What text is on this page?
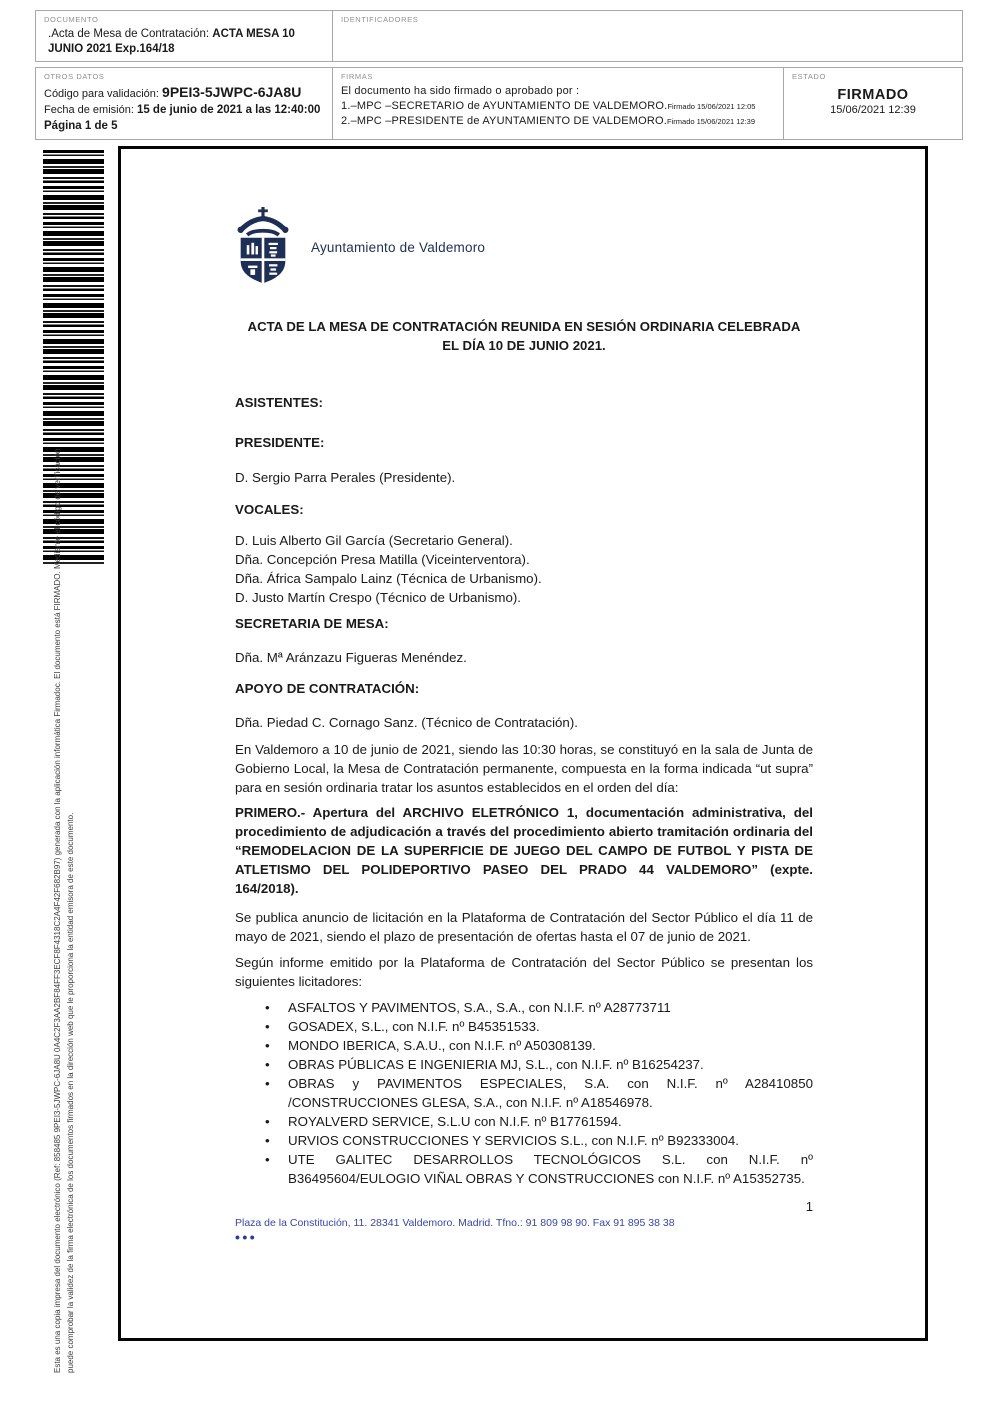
DOCUMENTO
.Acta de Mesa de Contratación: ACTA MESA 10 JUNIO 2021 Exp.164/18
IDENTIFICADORES
OTROS DATOS
Código para validación: 9PEI3-5JWPC-6JA8U
Fecha de emisión: 15 de junio de 2021 a las 12:40:00
Página 1 de 5
FIRMAS
El documento ha sido firmado o aprobado por :
1.–MPC –SECRETARIO de AYUNTAMIENTO DE VALDEMORO.Firmado 15/06/2021 12:05
2.–MPC –PRESIDENTE de AYUNTAMIENTO DE VALDEMORO.Firmado 15/06/2021 12:39
ESTADO
FIRMADO
15/06/2021 12:39
Esta es una copia impresa del documento electrónico (Ref: 858485 9PEI3-5JWPC-6JA8U 0A4C2F3AA2BF84FF3ECF8F4318C2A4F42F682B97) generada con la aplicación informática Firmadoc. El documento está FIRMADO. Mediante el código de verificación puede comprobar la validez de la firma electrónica de los documentos firmados en la dirección web que le proporciona la entidad emisora de este documento.
Ayuntamiento de Valdemoro
ACTA DE LA MESA DE CONTRATACIÓN REUNIDA EN SESIÓN ORDINARIA CELEBRADA
EL DÍA 10 DE JUNIO 2021.
ASISTENTES:
PRESIDENTE:
D. Sergio Parra Perales (Presidente).
VOCALES:
D. Luis Alberto Gil García (Secretario General).
Dña. Concepción Presa Matilla (Viceinterventora).
Dña. África Sampalo Lainz (Técnica de Urbanismo).
D. Justo Martín Crespo (Técnico de Urbanismo).
SECRETARIA DE MESA:
Dña. Mª Aránzazu Figueras Menéndez.
APOYO DE CONTRATACIÓN:
Dña. Piedad C. Cornago Sanz. (Técnico de Contratación).
En Valdemoro a 10 de junio de 2021, siendo las 10:30 horas, se constituyó en la sala de Junta de Gobierno Local, la Mesa de Contratación permanente, compuesta en la forma indicada “ut supra” para en sesión ordinaria tratar los asuntos establecidos en el orden del día:
PRIMERO.- Apertura del ARCHIVO ELETRÓNICO 1, documentación administrativa, del procedimiento de adjudicación a través del procedimiento abierto tramitación ordinaria del “REMODELACION DE LA SUPERFICIE DE JUEGO DEL CAMPO DE FUTBOL Y PISTA DE ATLETISMO DEL POLIDEPORTIVO PASEO DEL PRADO 44 VALDEMORO” (expte. 164/2018).
Se publica anuncio de licitación en la Plataforma de Contratación del Sector Público el día 11 de mayo de 2021, siendo el plazo de presentación de ofertas hasta el 07 de junio de 2021.
Según informe emitido por la Plataforma de Contratación del Sector Público se presentan los siguientes licitadores:
• ASFALTOS Y PAVIMENTOS, S.A., S.A., con N.I.F. nº A28773711
• GOSADEX, S.L., con N.I.F. nº B45351533.
• MONDO IBERICA, S.A.U., con N.I.F. nº A50308139.
• OBRAS PÚBLICAS E INGENIERIA MJ, S.L., con N.I.F. nº B16254237.
• OBRAS y PAVIMENTOS ESPECIALES, S.A. con N.I.F. nº A28410850 /CONSTRUCCIONES GLESA, S.A., con N.I.F. nº A18546978.
• ROYALVERD SERVICE, S.L.U con N.I.F. nº B17761594.
• URVIOS CONSTRUCCIONES Y SERVICIOS S.L., con N.I.F. nº B92333004.
• UTE GALITEC DESARROLLOS TECNOLÓGICOS S.L. con N.I.F. nº B36495604/EULOGIO VIÑAL OBRAS Y CONSTRUCCIONES con N.I.F. nº A15352735.
1
Plaza de la Constitución, 11. 28341 Valdemoro. Madrid. Tfno.: 91 809 98 90. Fax 91 895 38 38
•••
